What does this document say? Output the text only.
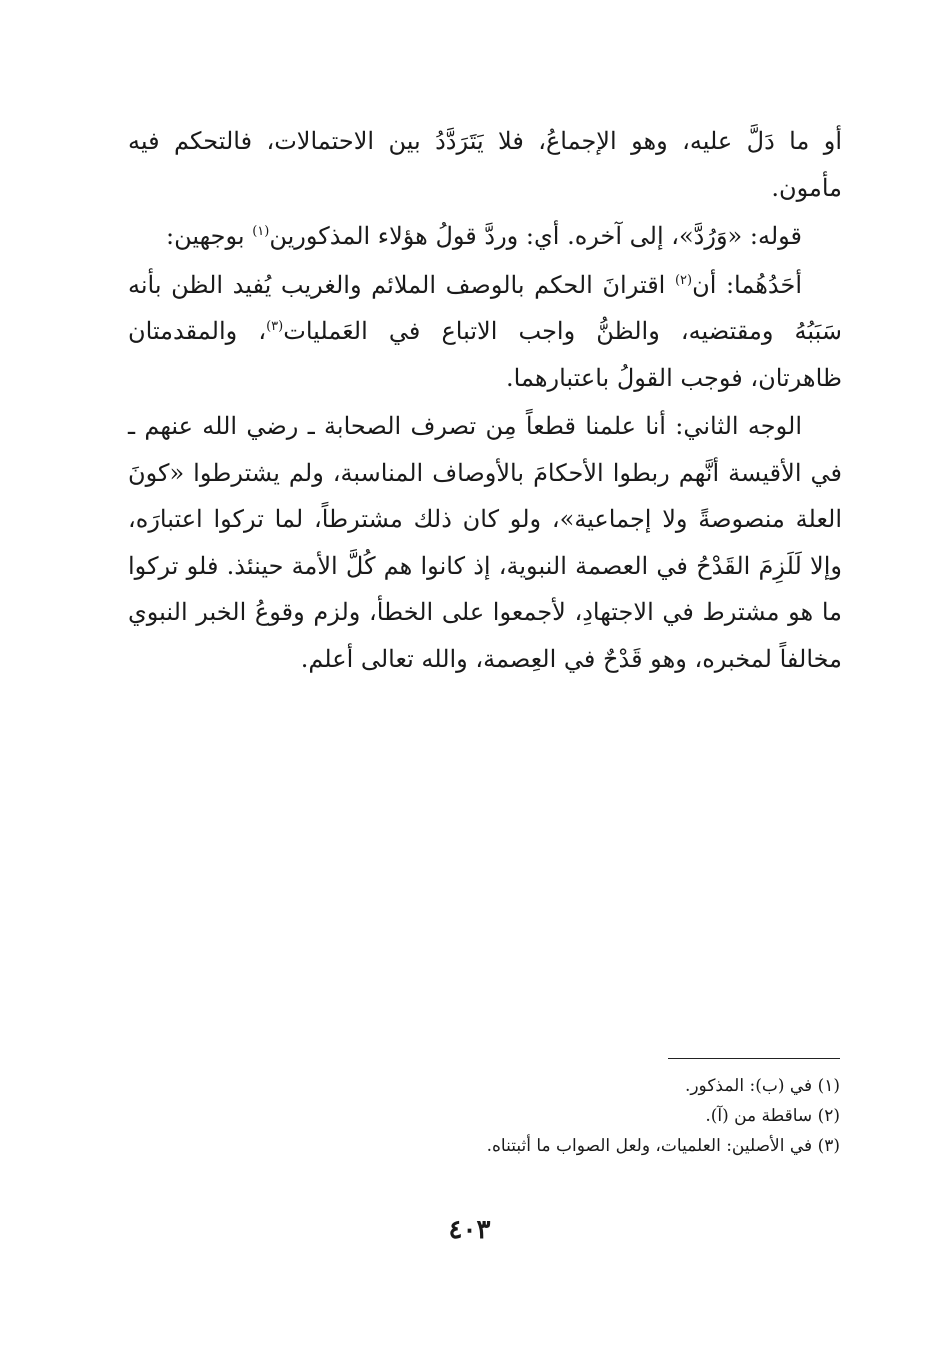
أو ما دَلَّ عليه، وهو الإجماعُ، فلا يَتَرَدَّدُ بين الاحتمالات، فالتحكم فيه مأمون.

قوله: «وَرُدَّ»، إلى آخره. أي: وردَّ قولُ هؤلاء المذكورين$^{(١)}$ بوجهين:

أحَدُهُما: أن$^{(٢)}$ اقترانَ الحكم بالوصف الملائم والغريب يُفيد الظن بأنه سَبَبُهُ ومقتضيه، والظنُّ واجب الاتباع في العَمليات$^{(٣)}$، والمقدمتان ظاهرتان، فوجب القولُ باعتبارهما.

الوجه الثاني: أنا علمنا قطعاً مِن تصرف الصحابة ـ رضي الله عنهم ـ في الأقيسة أنَّهم ربطوا الأحكامَ بالأوصاف المناسبة، ولم يشترطوا «كونَ العلة منصوصةً ولا إجماعية»، ولو كان ذلك مشترطاً، لما تركوا اعتبارَه، وإلا لَلَزِمَ القَدْحُ في العصمة النبوية، إذ كانوا هم كُلَّ الأمة حينئذ. فلو تركوا ما هو مشترط في الاجتهادِ، لأجمعوا على الخطأ، ولزم وقوعُ الخبر النبوي مخالفاً لمخبره، وهو قَدْحٌ في العِصمة، والله تعالى أعلم.

(١) في (ب): المذكور.
(٢) ساقطة من (آ).
(٣) في الأصلين: العلميات، ولعل الصواب ما أثبتناه.
٤٠٣
